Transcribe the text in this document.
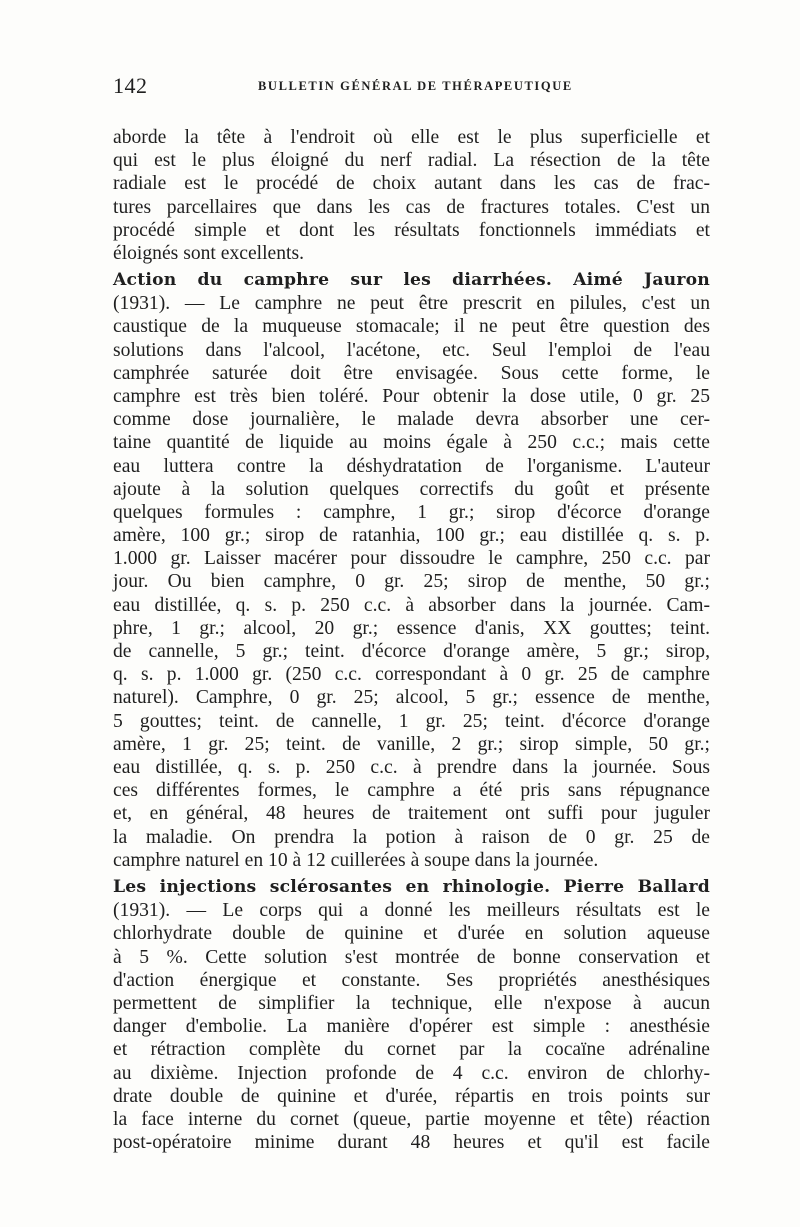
142	BULLETIN GÉNÉRAL DE THÉRAPEUTIQUE
aborde la tête à l'endroit où elle est le plus superficielle et
qui est le plus éloigné du nerf radial. La résection de la tête
radiale est le procédé de choix autant dans les cas de frac-
tures parcellaires que dans les cas de fractures totales. C'est un
procédé simple et dont les résultats fonctionnels immédiats et
éloignés sont excellents.
Action du camphre sur les diarrhées. Aimé Jauron
(1931). — Le camphre ne peut être prescrit en pilules, c'est un
caustique de la muqueuse stomacale; il ne peut être question des
solutions dans l'alcool, l'acétone, etc. Seul l'emploi de l'eau
camphrée saturée doit être envisagée. Sous cette forme, le
camphre est très bien toléré. Pour obtenir la dose utile, 0 gr. 25
comme dose journalière, le malade devra absorber une cer-
taine quantité de liquide au moins égale à 250 c.c.; mais cette
eau luttera contre la déshydratation de l'organisme. L'auteur
ajoute à la solution quelques correctifs du goût et présente
quelques formules : camphre, 1 gr.; sirop d'écorce d'orange
amère, 100 gr.; sirop de ratanhia, 100 gr.; eau distillée q. s. p.
1.000 gr. Laisser macérer pour dissoudre le camphre, 250 c.c. par
jour. Ou bien camphre, 0 gr. 25; sirop de menthe, 50 gr.;
eau distillée, q. s. p. 250 c.c. à absorber dans la journée. Cam-
phre, 1 gr.; alcool, 20 gr.; essence d'anis, XX gouttes; teint.
de cannelle, 5 gr.; teint. d'écorce d'orange amère, 5 gr.; sirop,
q. s. p. 1.000 gr. (250 c.c. correspondant à 0 gr. 25 de camphre
naturel). Camphre, 0 gr. 25; alcool, 5 gr.; essence de menthe,
5 gouttes; teint. de cannelle, 1 gr. 25; teint. d'écorce d'orange
amère, 1 gr. 25; teint. de vanille, 2 gr.; sirop simple, 50 gr.;
eau distillée, q. s. p. 250 c.c. à prendre dans la journée. Sous
ces différentes formes, le camphre a été pris sans répugnance
et, en général, 48 heures de traitement ont suffi pour juguler
la maladie. On prendra la potion à raison de 0 gr. 25 de
camphre naturel en 10 à 12 cuillerées à soupe dans la journée.
Les injections sclérosantes en rhinologie. Pierre Ballard
(1931). — Le corps qui a donné les meilleurs résultats est le
chlorhydrate double de quinine et d'urée en solution aqueuse
à 5 %. Cette solution s'est montrée de bonne conservation et
d'action énergique et constante. Ses propriétés anesthésiques
permettent de simplifier la technique, elle n'expose à aucun
danger d'embolie. La manière d'opérer est simple : anesthésie
et rétraction complète du cornet par la cocaïne adrénaline
au dixième. Injection profonde de 4 c.c. environ de chlorhy-
drate double de quinine et d'urée, répartis en trois points sur
la face interne du cornet (queue, partie moyenne et tête) réaction
post-opératoire minime durant 48 heures et qu'il est facile
